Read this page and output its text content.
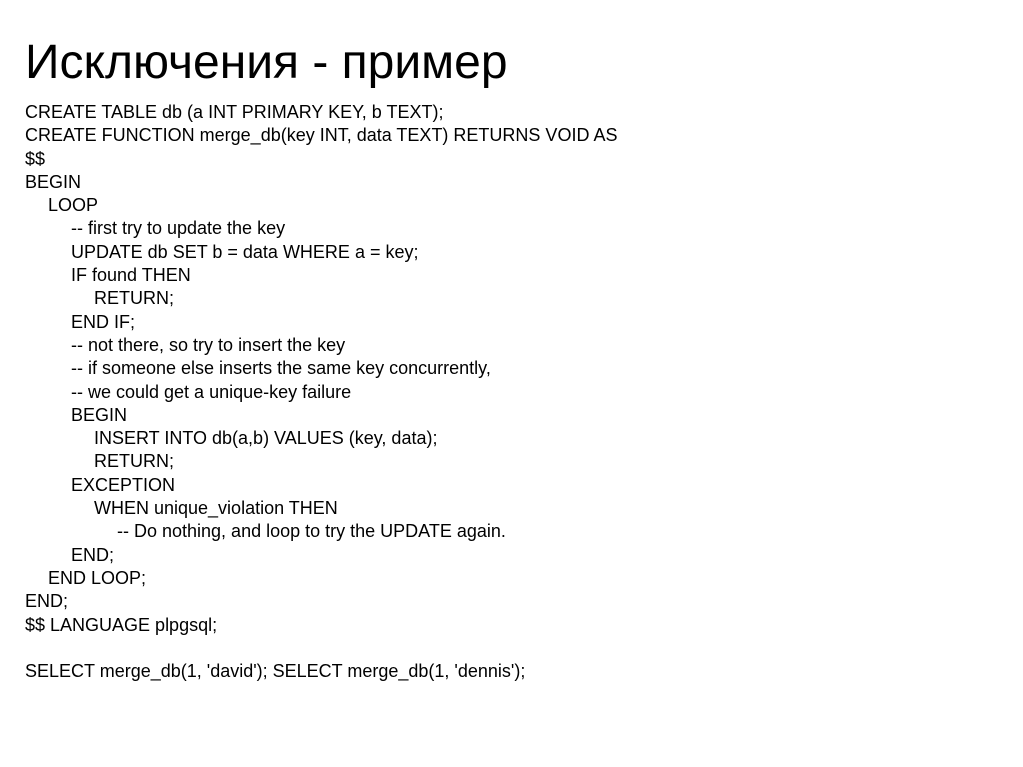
Исключения - пример
CREATE TABLE db (a INT PRIMARY KEY, b TEXT);
CREATE FUNCTION merge_db(key INT, data TEXT) RETURNS VOID AS
$$
BEGIN
LOOP
-- first try to update the key
UPDATE db SET b = data WHERE a = key;
IF found THEN
RETURN;
END IF;
-- not there, so try to insert the key
-- if someone else inserts the same key concurrently,
-- we could get a unique-key failure
BEGIN
INSERT INTO db(a,b) VALUES (key, data);
RETURN;
EXCEPTION
WHEN unique_violation THEN
-- Do nothing, and loop to try the UPDATE again.
END;
END LOOP;
END;
$$ LANGUAGE plpgsql;
SELECT merge_db(1, 'david'); SELECT merge_db(1, 'dennis');
